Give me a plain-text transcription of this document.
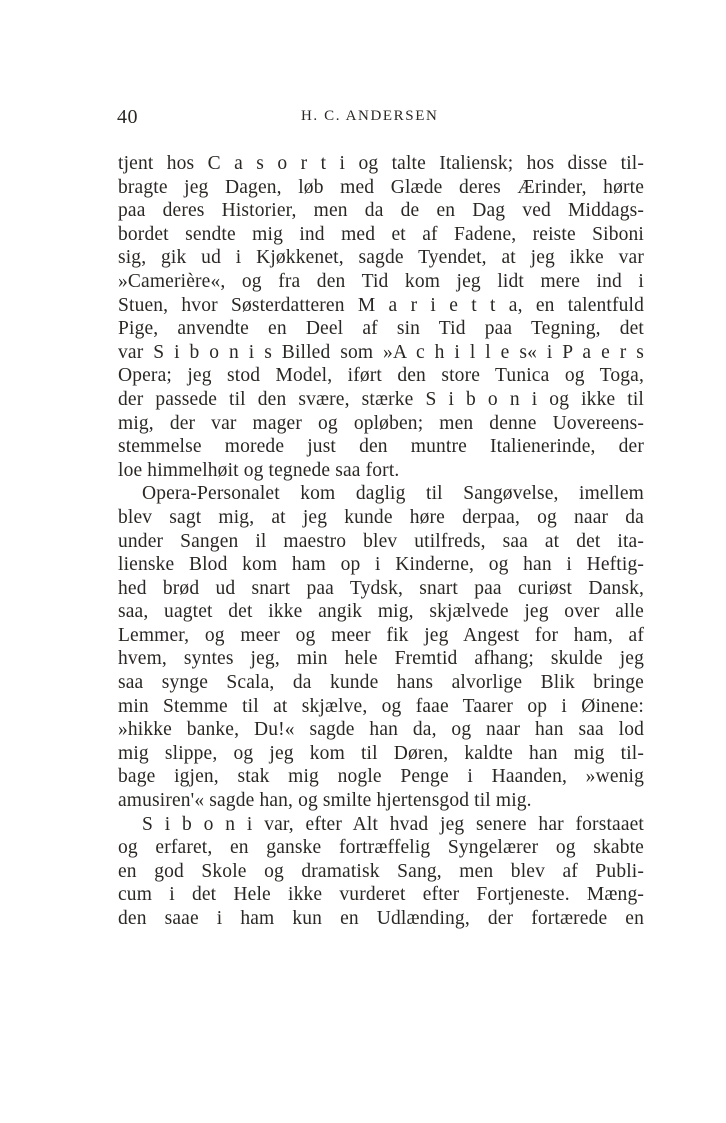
40	H. C. ANDERSEN
tjent hos C a s o r t i og talte Italiensk; hos disse til-
bragte jeg Dagen, løb med Glæde deres Ærinder, hørte
paa deres Historier, men da de en Dag ved Middags-
bordet sendte mig ind med et af Fadene, reiste Siboni
sig, gik ud i Kjøkkenet, sagde Tyendet, at jeg ikke var
»Camerière«, og fra den Tid kom jeg lidt mere ind i
Stuen, hvor Søsterdatteren M a r i e t t a, en talentfuld
Pige, anvendte en Deel af sin Tid paa Tegning, det
var S i b o n i s Billed som »A c h i l l e s« i P a e r s
Opera; jeg stod Model, iført den store Tunica og Toga,
der passede til den svære, stærke S i b o n i og ikke til
mig, der var mager og opløben; men denne Uovereens-
stemmelse morede just den muntre Italienerinde, der
loe himmelhøit og tegnede saa fort.
Opera-Personalet kom daglig til Sangøvelse, imellem
blev sagt mig, at jeg kunde høre derpaa, og naar da
under Sangen il maestro blev utilfreds, saa at det ita-
lienske Blod kom ham op i Kinderne, og han i Heftig-
hed brød ud snart paa Tydsk, snart paa curiøst Dansk,
saa, uagtet det ikke angik mig, skjælvede jeg over alle
Lemmer, og meer og meer fik jeg Angest for ham, af
hvem, syntes jeg, min hele Fremtid afhang; skulde jeg
saa synge Scala, da kunde hans alvorlige Blik bringe
min Stemme til at skjælve, og faae Taarer op i Øinene:
»hikke banke, Du!« sagde han da, og naar han saa lod
mig slippe, og jeg kom til Døren, kaldte han mig til-
bage igjen, stak mig nogle Penge i Haanden, »wenig
amusiren'« sagde han, og smilte hjertensgod til mig.
S i b o n i var, efter Alt hvad jeg senere har forstaaet
og erfaret, en ganske fortræffelig Syngelærer og skabte
en god Skole og dramatisk Sang, men blev af Publi-
cum i det Hele ikke vurderet efter Fortjeneste. Mæng-
den saae i ham kun en Udlænding, der fortærede en
